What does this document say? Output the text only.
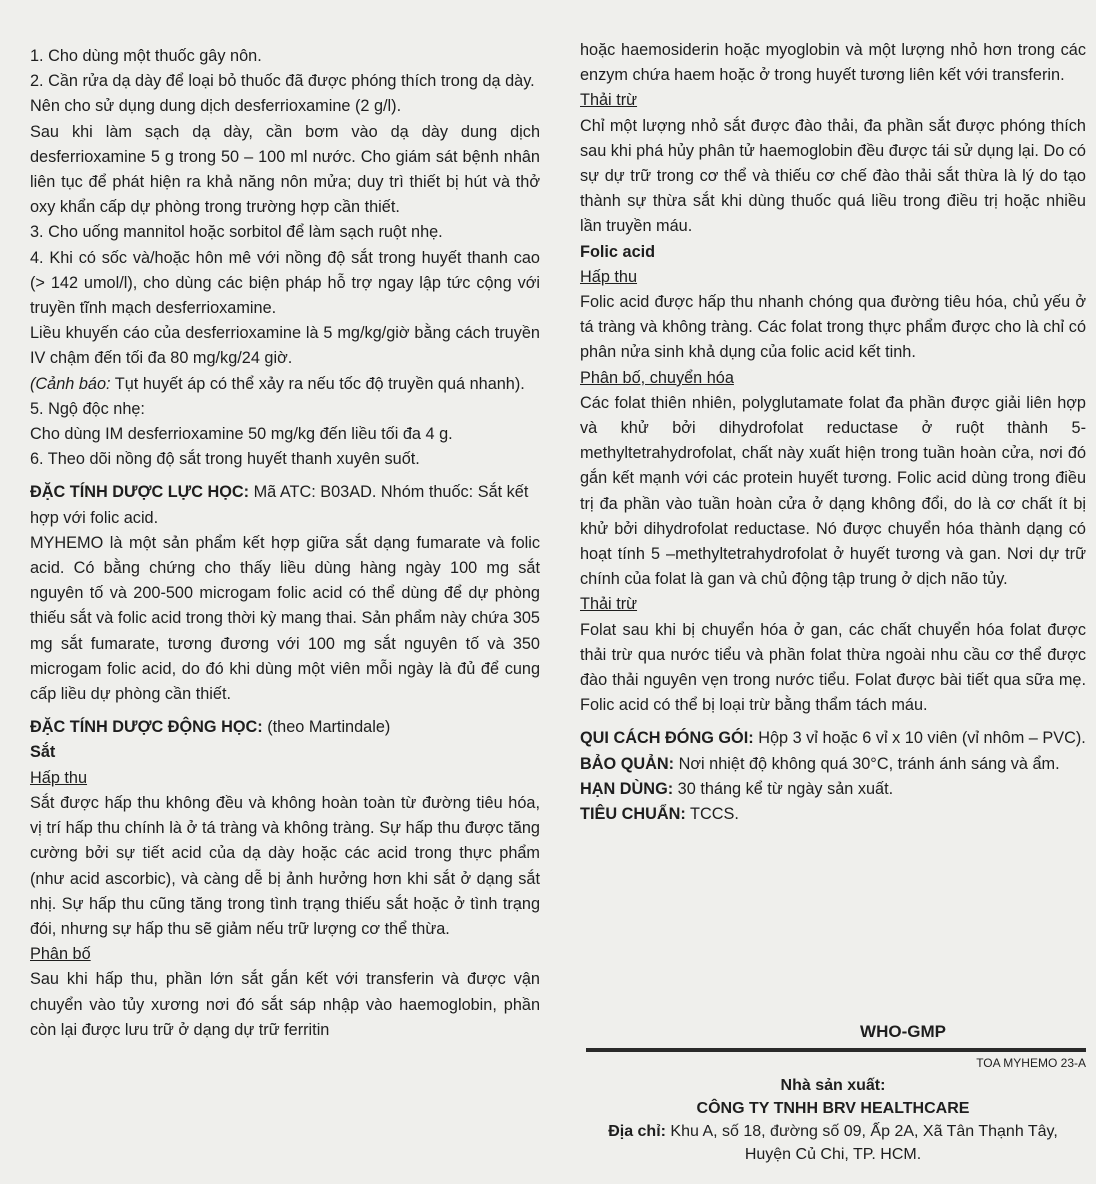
1. Cho dùng một thuốc gây nôn.

2. Cần rửa dạ dày để loại bỏ thuốc đã được phóng thích trong dạ dày.

Nên cho sử dụng dung dịch desferrioxamine (2 g/l).

Sau khi làm sạch dạ dày, cần bơm vào dạ dày dung dịch desferrioxamine 5 g trong 50 – 100 ml nước. Cho giám sát bệnh nhân liên tục để phát hiện ra khả năng nôn mửa; duy trì thiết bị hút và thở oxy khẩn cấp dự phòng trong trường hợp cần thiết.

3. Cho uống mannitol hoặc sorbitol để làm sạch ruột nhẹ.

4. Khi có sốc và/hoặc hôn mê với nồng độ sắt trong huyết thanh cao (> 142 umol/l), cho dùng các biện pháp hỗ trợ ngay lập tức cộng với truyền tĩnh mạch desferrioxamine.

Liều khuyến cáo của desferrioxamine là 5 mg/kg/giờ bằng cách truyền IV chậm đến tối đa 80 mg/kg/24 giờ.

(Cảnh báo: Tụt huyết áp có thể xảy ra nếu tốc độ truyền quá nhanh).

5. Ngộ độc nhẹ:

Cho dùng IM desferrioxamine 50 mg/kg đến liều tối đa 4 g.

6. Theo dõi nồng độ sắt trong huyết thanh xuyên suốt.

ĐẶC TÍNH DƯỢC LỰC HỌC: Mã ATC: B03AD. Nhóm thuốc: Sắt kết hợp với folic acid.

MYHEMO là một sản phẩm kết hợp giữa sắt dạng fumarate và folic acid. Có bằng chứng cho thấy liều dùng hàng ngày 100 mg sắt nguyên tố và 200-500 microgam folic acid có thể dùng để dự phòng thiếu sắt và folic acid trong thời kỳ mang thai. Sản phẩm này chứa 305 mg sắt fumarate, tương đương với 100 mg sắt nguyên tố và 350 microgam folic acid, do đó khi dùng một viên mỗi ngày là đủ để cung cấp liều dự phòng cần thiết.

ĐẶC TÍNH DƯỢC ĐỘNG HỌC: (theo Martindale)

Sắt

Hấp thu

Sắt được hấp thu không đều và không hoàn toàn từ đường tiêu hóa, vị trí hấp thu chính là ở tá tràng và không tràng. Sự hấp thu được tăng cường bởi sự tiết acid của dạ dày hoặc các acid trong thực phẩm (như acid ascorbic), và càng dễ bị ảnh hưởng hơn khi sắt ở dạng sắt nhị. Sự hấp thu cũng tăng trong tình trạng thiếu sắt hoặc ở tình trạng đói, nhưng sự hấp thu sẽ giảm nếu trữ lượng cơ thể thừa.

Phân bố

Sau khi hấp thu, phần lớn sắt gắn kết với transferin và được vận chuyển vào tủy xương nơi đó sắt sáp nhập vào haemoglobin, phần còn lại được lưu trữ ở dạng dự trữ ferritin

hoặc haemosiderin hoặc myoglobin và một lượng nhỏ hơn trong các enzym chứa haem hoặc ở trong huyết tương liên kết với transferin.

Thải trừ

Chỉ một lượng nhỏ sắt được đào thải, đa phần sắt được phóng thích sau khi phá hủy phân tử haemoglobin đều được tái sử dụng lại. Do có sự dự trữ trong cơ thể và thiếu cơ chế đào thải sắt thừa là lý do tạo thành sự thừa sắt khi dùng thuốc quá liều trong điều trị hoặc nhiều lần truyền máu.

Folic acid

Hấp thu

Folic acid được hấp thu nhanh chóng qua đường tiêu hóa, chủ yếu ở tá tràng và không tràng. Các folat trong thực phẩm được cho là chỉ có phân nửa sinh khả dụng của folic acid kết tinh.

Phân bố, chuyển hóa

Các folat thiên nhiên, polyglutamate folat đa phần được giải liên hợp và khử bởi dihydrofolat reductase ở ruột thành 5-methyltetrahydrofolat, chất này xuất hiện trong tuần hoàn cửa, nơi đó gắn kết mạnh với các protein huyết tương. Folic acid dùng trong điều trị đa phần vào tuần hoàn cửa ở dạng không đổi, do là cơ chất ít bị khử bởi dihydrofolat reductase. Nó được chuyển hóa thành dạng có hoạt tính 5 –methyltetrahydrofolat ở huyết tương và gan. Nơi dự trữ chính của folat là gan và chủ động tập trung ở dịch não tủy.

Thải trừ

Folat sau khi bị chuyển hóa ở gan, các chất chuyển hóa folat được thải trừ qua nước tiểu và phần folat thừa ngoài nhu cầu cơ thể được đào thải nguyên vẹn trong nước tiểu. Folat được bài tiết qua sữa mẹ. Folic acid có thể bị loại trừ bằng thẩm tách máu.

QUI CÁCH ĐÓNG GÓI: Hộp 3 vỉ hoặc 6 vỉ x 10 viên (vỉ nhôm – PVC).

BẢO QUẢN: Nơi nhiệt độ không quá 30°C, tránh ánh sáng và ẩm.

HẠN DÙNG: 30 tháng kể từ ngày sản xuất.

TIÊU CHUẨN: TCCS.

WHO-GMP
TOA MYHEMO 23-A
Nhà sản xuất:
CÔNG TY TNHH BRV HEALTHCARE
Địa chỉ: Khu A, số 18, đường số 09, Ấp 2A, Xã Tân Thạnh Tây,
Huyện Củ Chi, TP. HCM.
